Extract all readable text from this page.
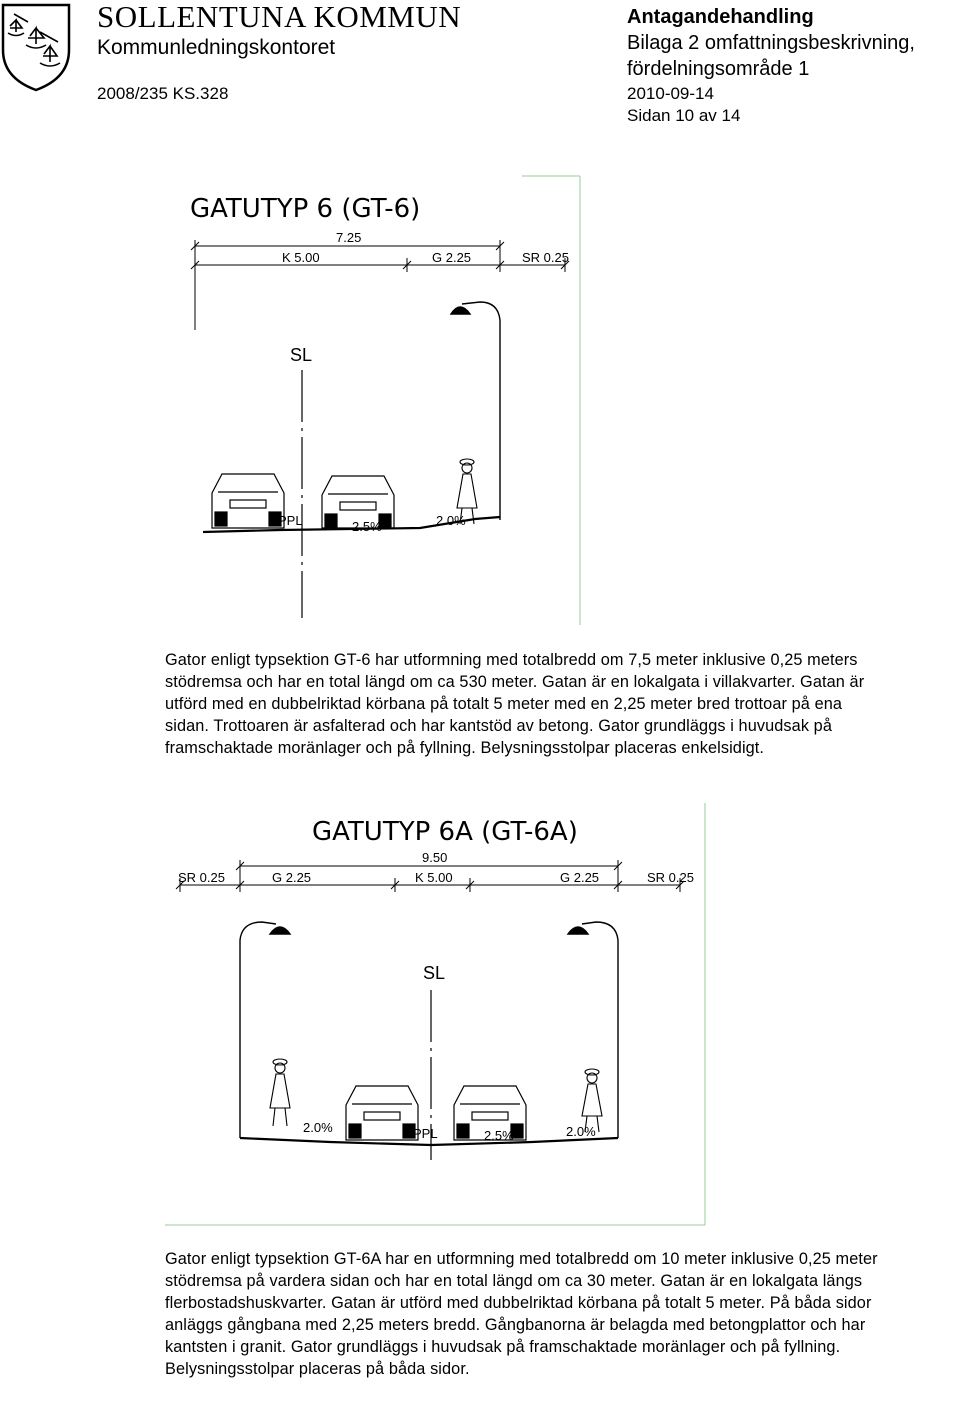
SOLLENTUNA KOMMUN
Kommunledningskontoret
2008/235 KS.328
Antagandehandling
Bilaga 2 omfattningsbeskrivning,
fördelningsområde 1
2010-09-14
Sidan 10 av 14
GATUTYP 6 (GT-6)
7.25
K 5.00	G 2.25	SR 0.25
SL
PPL	2.5%	2.0%
Gator enligt typsektion GT-6 har utformning med totalbredd om 7,5 meter inklusive 0,25 meters stödremsa och har en total längd om ca 530 meter. Gatan är en lokalgata i villakvarter. Gatan är utförd med en dubbelriktad körbana på totalt 5 meter med en 2,25 meter bred trottoar på ena sidan. Trottoaren är asfalterad och har kantstöd av betong. Gator grundläggs i huvudsak på framschaktade moränlager och på fyllning. Belysningsstolpar placeras enkelsidigt.
GATUTYP 6A (GT-6A)
9.50
SR 0.25	G 2.25	K 5.00	G 2.25	SR 0.25
SL
2.0%	PPL	2.5%	2.0%
Gator enligt typsektion GT-6A har en utformning med totalbredd om 10 meter inklusive 0,25 meter stödremsa på vardera sidan och har en total längd om ca 30 meter. Gatan är en lokalgata längs flerbostadshuskvarter. Gatan är utförd med dubbelriktad körbana på totalt 5 meter. På båda sidor anläggs gångbana med 2,25 meters bredd. Gångbanorna är belagda med betongplattor och har kantsten i granit. Gator grundläggs i huvudsak på framschaktade moränlager och på fyllning. Belysningsstolpar placeras på båda sidor.
